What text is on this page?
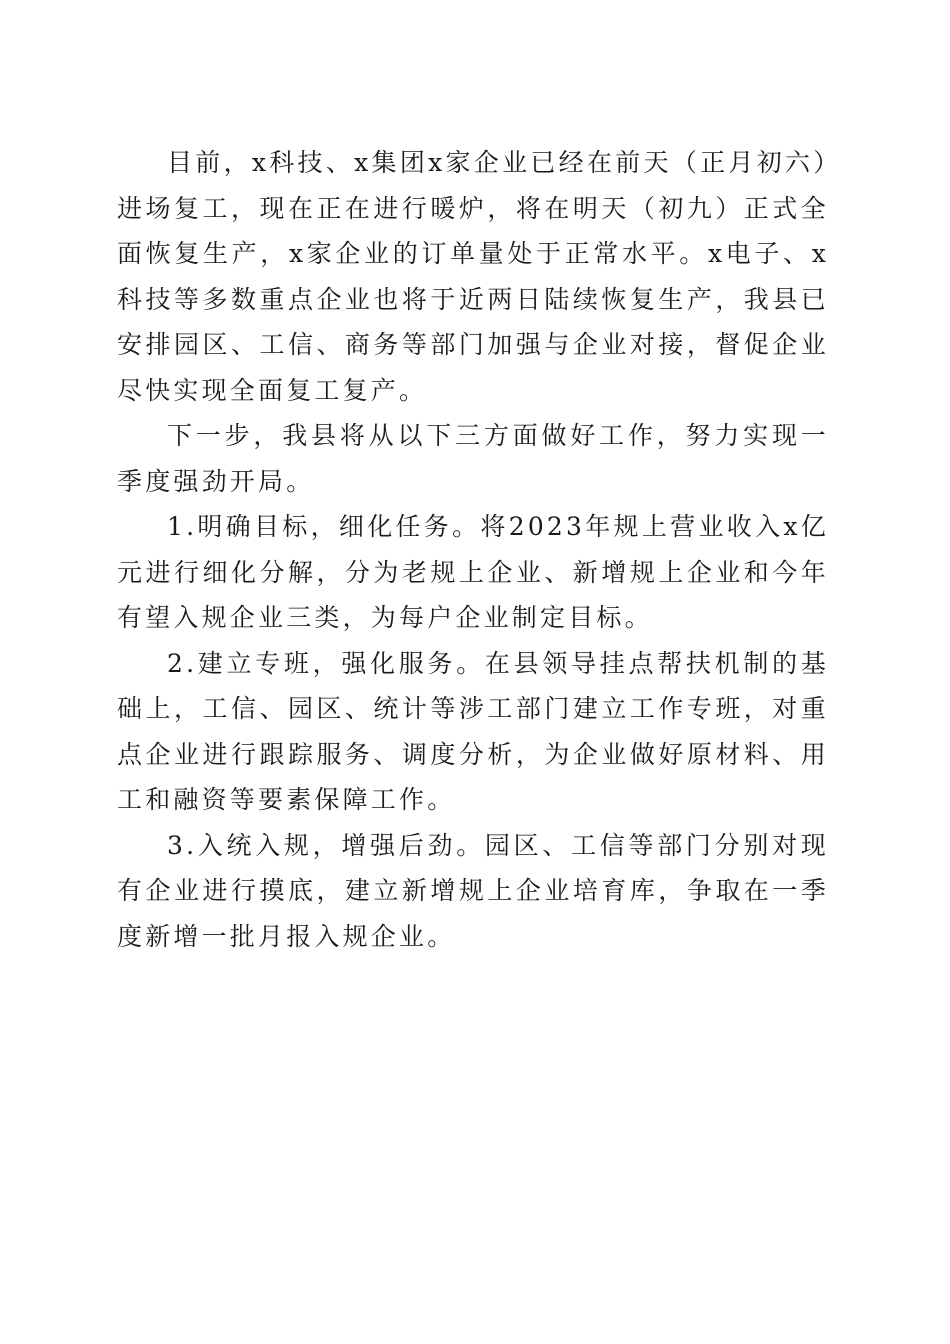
目前，x科技、x集团x家企业已经在前天（正月初六）进场复工，现在正在进行暖炉，将在明天（初九）正式全面恢复生产，x家企业的订单量处于正常水平。x电子、x科技等多数重点企业也将于近两日陆续恢复生产，我县已安排园区、工信、商务等部门加强与企业对接，督促企业尽快实现全面复工复产。

下一步，我县将从以下三方面做好工作，努力实现一季度强劲开局。

1.明确目标，细化任务。将2023年规上营业收入x亿元进行细化分解，分为老规上企业、新增规上企业和今年有望入规企业三类，为每户企业制定目标。

2.建立专班，强化服务。在县领导挂点帮扶机制的基础上，工信、园区、统计等涉工部门建立工作专班，对重点企业进行跟踪服务、调度分析，为企业做好原材料、用工和融资等要素保障工作。

3.入统入规，增强后劲。园区、工信等部门分别对现有企业进行摸底，建立新增规上企业培育库，争取在一季度新增一批月报入规企业。
